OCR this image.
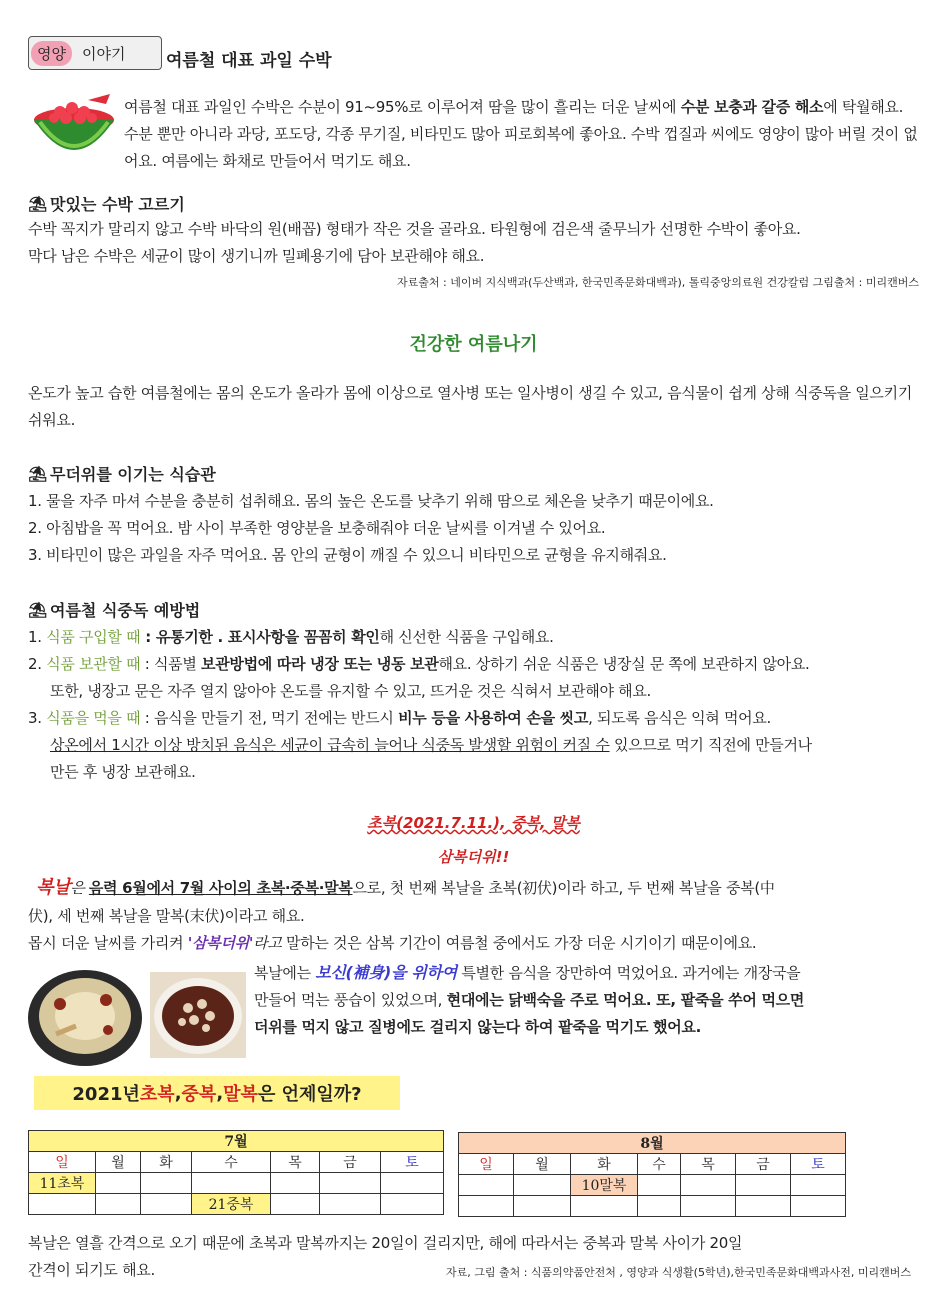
영양	이야기 여름철 대표 과일 수박
여름철 대표 과일인 수박은 수분이 91~95%로 이루어져 땀을 많이 흘리는 더운 날씨에 수분 보충과 갈증 해소에 탁월해요. 수분 뿐만 아니라 과당, 포도당, 각종 무기질, 비타민도 많아 피로회복에 좋아요. 수박 껍질과 씨에도 영양이 많아 버릴 것이 없어요. 여름에는 화채로 만들어서 먹기도 해요.
⛱ 맛있는 수박 고르기
수박 꼭지가 말리지 않고 수박 바닥의 원(배꼽) 형태가 작은 것을 골라요. 타원형에 검은색 줄무늬가 선명한 수박이 좋아요.
막다 남은 수박은 세균이 많이 생기니까 밀폐용기에 담아 보관해야 해요.
자료출처 : 네이버 지식백과(두산백과, 한국민족문화대백과), 톨릭중앙의료원 건강칼럼 그림출처 : 미리캔버스
건강한 여름나기
온도가 높고 습한 여름철에는 몸의 온도가 올라가 몸에 이상으로 열사병 또는 일사병이 생길 수 있고, 음식물이 쉽게 상해 식중독을 일으키기 쉬워요.
⛱ 무더위를 이기는 식습관
1. 물을 자주 마셔 수분을 충분히 섭취해요. 몸의 높은 온도를 낮추기 위해 땀으로 체온을 낮추기 때문이에요.
2. 아침밥을 꼭 먹어요. 밤 사이 부족한 영양분을 보충해줘야 더운 날씨를 이겨낼 수 있어요.
3. 비타민이 많은 과일을 자주 먹어요. 몸 안의 균형이 깨질 수 있으니 비타민으로 균형을 유지해줘요.
⛱ 여름철 식중독 예방법
1. 식품 구입할 때 : 유통기한 . 표시사항을 꼼꼼히 확인해 신선한 식품을 구입해요.
2. 식품 보관할 때 : 식품별 보관방법에 따라 냉장 또는 냉동 보관해요. 상하기 쉬운 식품은 냉장실 문 쪽에 보관하지 않아요.
또한, 냉장고 문은 자주 열지 않아야 온도를 유지할 수 있고, 뜨거운 것은 식혀서 보관해야 해요.
3. 식품을 먹을 때 : 음식을 만들기 전, 먹기 전에는 반드시 비누 등을 사용하여 손을 씻고, 되도록 음식은 익혀 먹어요.
상온에서 1시간 이상 방치된 음식은 세균이 급속히 늘어나 식중독 발생할 위험이 커질 수 있으므로 먹기 직전에 만들거나
만든 후 냉장 보관해요.
초복(2021.7.11.), 중복, 말복
삼복더위!!
복날은 음력 6월에서 7월 사이의 초복·중복·말복으로, 첫 번째 복날을 초복(初伏)이라 하고, 두 번째 복날을 중복(中
伏), 세 번째 복날을 말복(末伏)이라고 해요.
몹시 더운 날씨를 가리켜 '삼복더위'라고 말하는 것은 삼복 기간이 여름철 중에서도 가장 더운 시기이기 때문이에요.
복날에는 보신(補身)을 위하여 특별한 음식을 장만하여 먹었어요. 과거에는 개장국을
만들어 먹는 풍습이 있었으며, 현대에는 닭백숙을 주로 먹어요. 또, 팥죽을 쑤어 먹으면
더위를 먹지 않고 질병에도 걸리지 않는다 하여 팥죽을 먹기도 했어요.
2021년 초복 , 중복 , 말복 은 언제일까?
7월						
일	월	화	수	목	금	토
11초복						
			21중복			
8월						
일	월	화	수	목	금	토
		10말복				

복날은 열흘 간격으로 오기 때문에 초복과 말복까지는 20일이 걸리지만, 해에 따라서는 중복과 말복 사이가 20일
간격이 되기도 해요.	자료, 그림 출처 : 식품의약품안전처 , 영양과 식생활(5학년),한국민족문화대백과사전, 미리캔버스
